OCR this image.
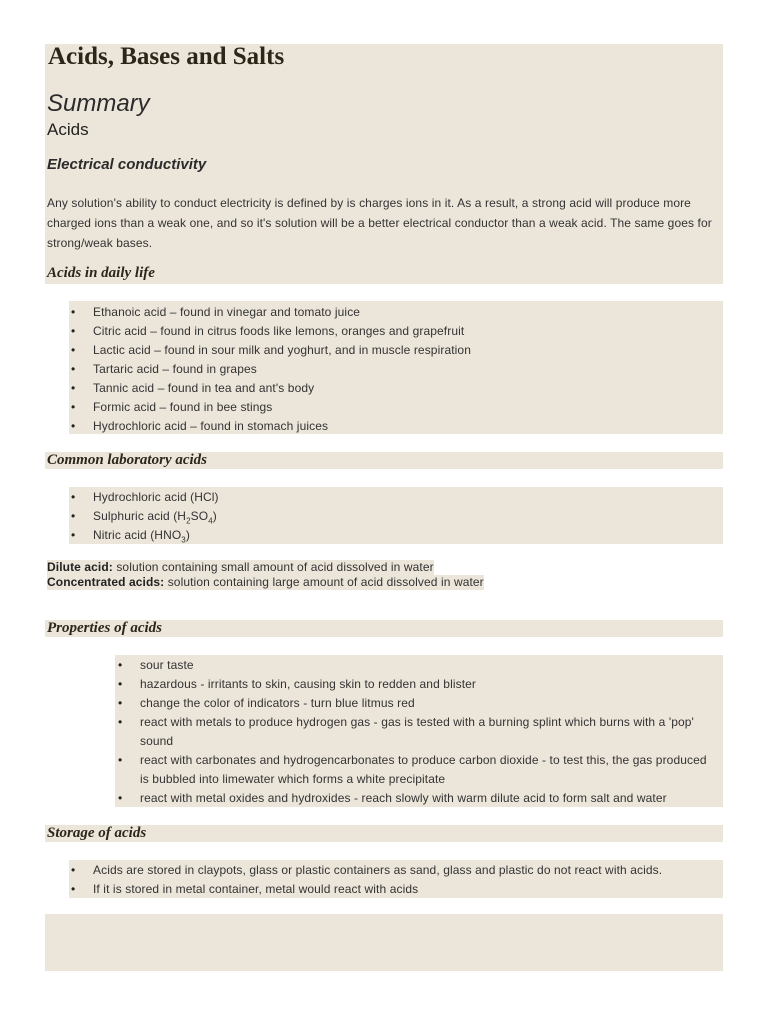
Acids, Bases and Salts
Summary
Acids
Electrical conductivity

Any solution's ability to conduct electricity is defined by is charges ions in it. As a result, a strong acid will produce more charged ions than a weak one, and so it's solution will be a better electrical conductor than a weak acid. The same goes for strong/weak bases.

Acids in daily life
• Ethanoic acid – found in vinegar and tomato juice
• Citric acid – found in citrus foods like lemons, oranges and grapefruit
• Lactic acid – found in sour milk and yoghurt, and in muscle respiration
• Tartaric acid – found in grapes
• Tannic acid – found in tea and ant's body
• Formic acid – found in bee stings
• Hydrochloric acid – found in stomach juices
Common laboratory acids
• Hydrochloric acid (HCl)
• Sulphuric acid $(H_2SO_4)$
• Nitric acid $(HNO_3)$

Dilute acid: solution containing small amount of acid dissolved in water

Concentrated acids: solution containing large amount of acid dissolved in water

Properties of acids
• sour taste
• hazardous - irritants to skin, causing skin to redden and blister
• change the color of indicators - turn blue litmus red
• react with metals to produce hydrogen gas - gas is tested with a burning splint which burns with a 'pop' sound
• react with carbonates and hydrogencarbonates to produce carbon dioxide - to test this, the gas produced is bubbled into limewater which forms a white precipitate
• react with metal oxides and hydroxides - reach slowly with warm dilute acid to form salt and water
Storage of acids
• Acids are stored in claypots, glass or plastic containers as sand, glass and plastic do not react with acids.
• If it is stored in metal container, metal would react with acids
